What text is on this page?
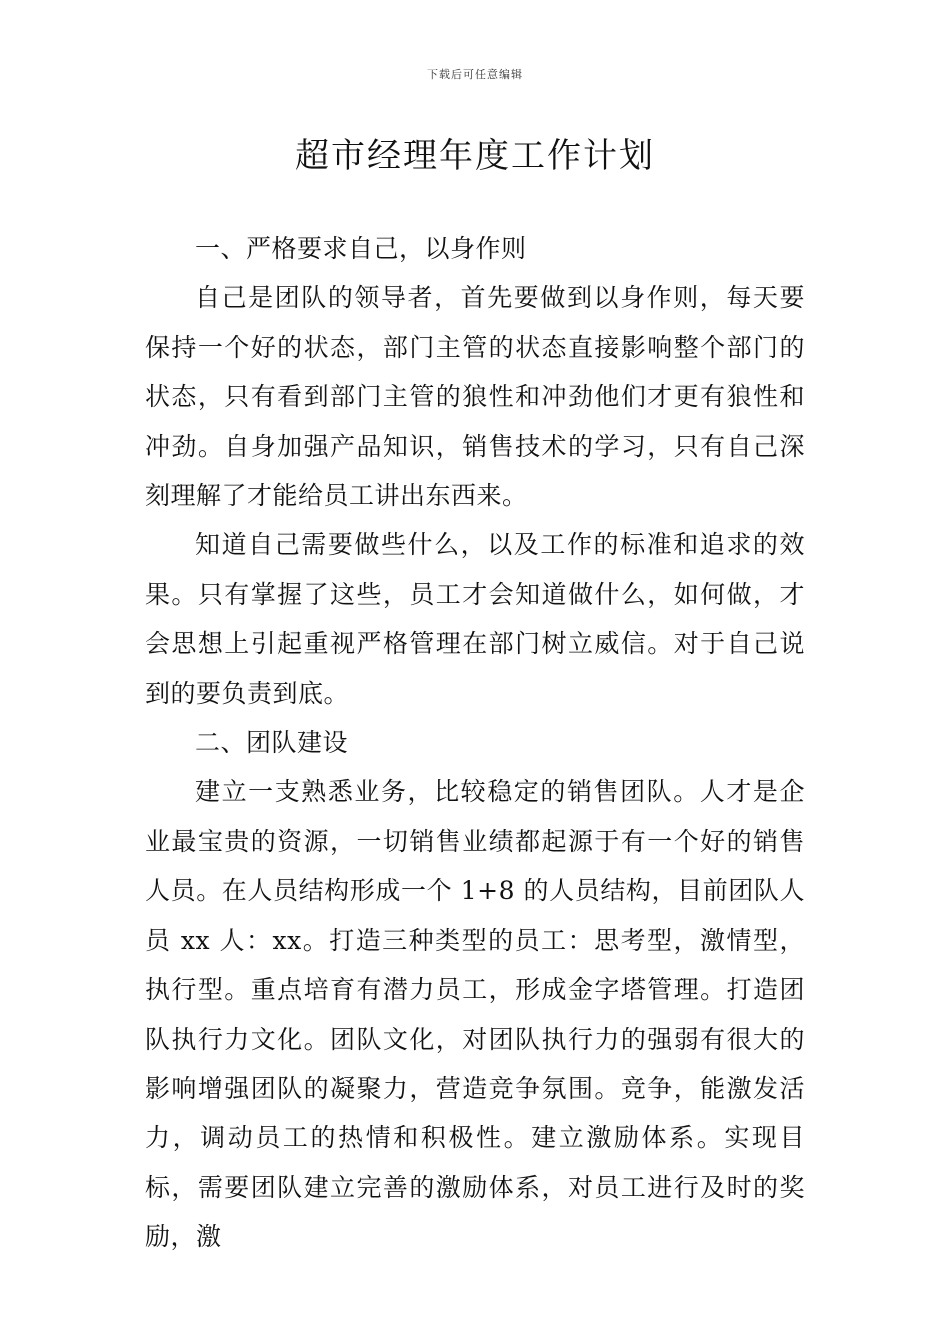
下载后可任意编辑
超市经理年度工作计划

一、严格要求自己，以身作则

自己是团队的领导者，首先要做到以身作则，每天要保持一个好的状态，部门主管的状态直接影响整个部门的状态，只有看到部门主管的狼性和冲劲他们才更有狼性和冲劲。自身加强产品知识，销售技术的学习，只有自己深刻理解了才能给员工讲出东西来。

知道自己需要做些什么，以及工作的标准和追求的效果。只有掌握了这些，员工才会知道做什么，如何做，才会思想上引起重视严格管理在部门树立威信。对于自己说到的要负责到底。

二、团队建设

建立一支熟悉业务，比较稳定的销售团队。人才是企业最宝贵的资源，一切销售业绩都起源于有一个好的销售人员。在人员结构形成一个 1+8 的人员结构，目前团队人员 xx 人：xx。打造三种类型的员工：思考型，激情型，执行型。重点培育有潜力员工，形成金字塔管理。打造团队执行力文化。团队文化，对团队执行力的强弱有很大的影响增强团队的凝聚力，营造竞争氛围。竞争，能激发活力，调动员工的热情和积极性。建立激励体系。实现目标，需要团队建立完善的激励体系，对员工进行及时的奖励，激
